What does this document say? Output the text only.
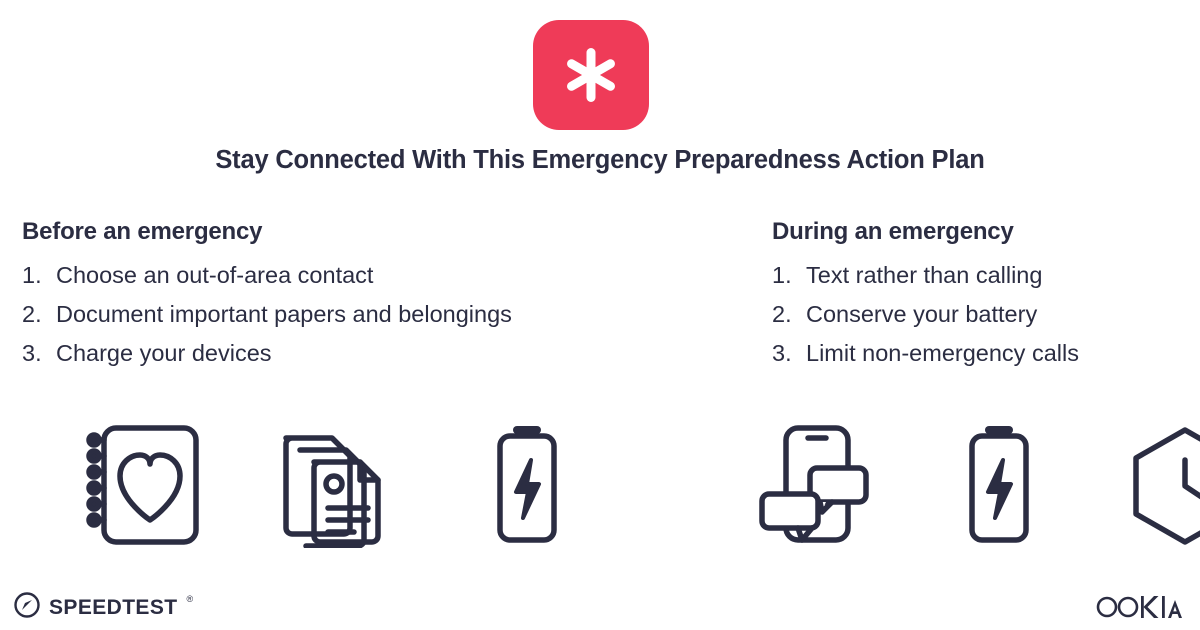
Stay Connected With This Emergency Preparedness Action Plan
Before an emergency
1. Choose an out-of-area contact
2. Document important papers and belongings
3. Charge your devices
During an emergency
1. Text rather than calling
2. Conserve your battery
3. Limit non-emergency calls
SPEEDTEST ®
